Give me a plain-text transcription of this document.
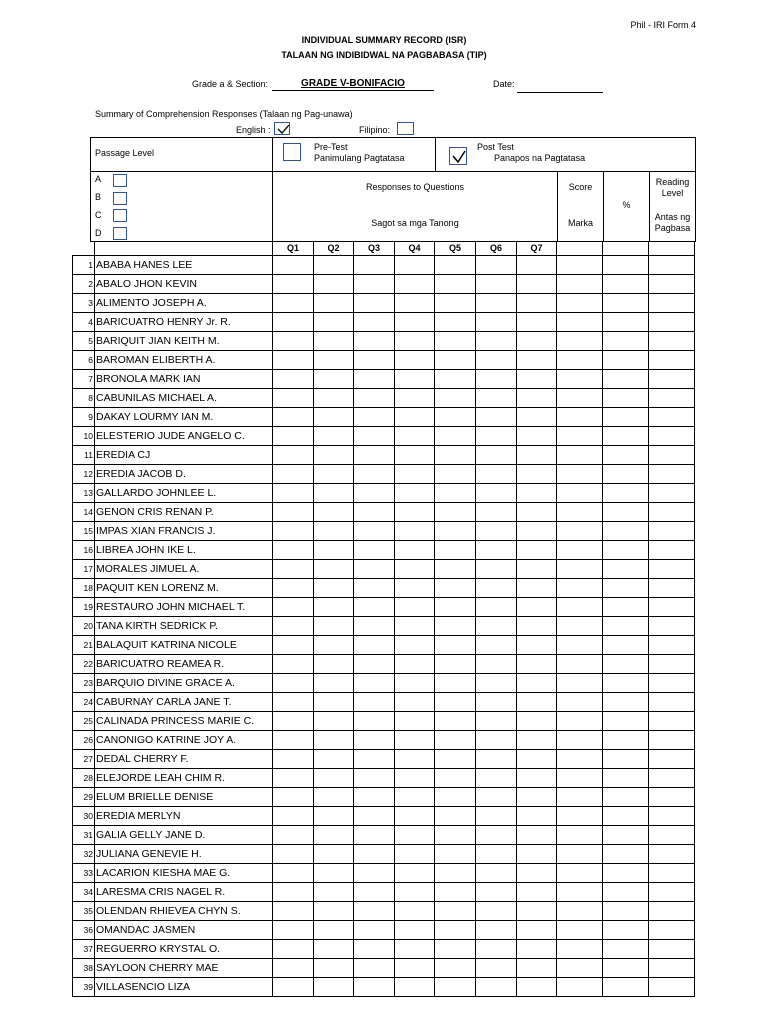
Phil - IRI Form 4
INDIVIDUAL SUMMARY RECORD (ISR)
TALAAN NG INDIBIDWAL NA PAGBABASA (TIP)
Grade a & Section:	GRADE V-BONIFACIO	Date:
Summary of Comprehension Responses (Talaan ng Pag-unawa)
English :	Filipino:
Passage Level
Pre-Test
Panimulang Pagtatasa
Post Test
Panapos na Pagtatasa
A
B
C
D
Responses to Questions
Sagot sa mga Tanong
Score
Marka
%
Reading
Level
Antas ng
Pagbasa
		Q1	Q2	Q3	Q4	Q5	Q6	Q7			
1	ABABA HANES LEE										
2	ABALO JHON KEVIN										
3	ALIMENTO JOSEPH A.										
4	BARICUATRO HENRY Jr. R.										
5	BARIQUIT JIAN KEITH M.										
6	BAROMAN ELIBERTH A.										
7	BRONOLA MARK IAN										
8	CABUNILAS MICHAEL A.										
9	DAKAY LOURMY IAN M.										
10	ELESTERIO JUDE ANGELO C.										
11	EREDIA CJ										
12	EREDIA JACOB D.										
13	GALLARDO JOHNLEE L.										
14	GENON CRIS RENAN P.										
15	IMPAS XIAN FRANCIS J.										
16	LIBREA JOHN IKE L.										
17	MORALES JIMUEL A.										
18	PAQUIT KEN LORENZ M.										
19	RESTAURO JOHN MICHAEL T.										
20	TANA KIRTH SEDRICK P.										
21	BALAQUIT KATRINA NICOLE										
22	BARICUATRO REAMEA R.										
23	BARQUIO DIVINE GRACE A.										
24	CABURNAY CARLA JANE T.										
25	CALINADA PRINCESS MARIE C.										
26	CANONIGO KATRINE JOY A.										
27	DEDAL CHERRY F.										
28	ELEJORDE LEAH CHIM R.										
29	ELUM BRIELLE DENISE										
30	EREDIA MERLYN										
31	GALIA GELLY JANE D.										
32	JULIANA GENEVIE H.										
33	LACARION KIESHA MAE G.										
34	LARESMA CRIS NAGEL R.										
35	OLENDAN RHIEVEA CHYN S.										
36	OMANDAC JASMEN										
37	REGUERRO KRYSTAL O.										
38	SAYLOON CHERRY MAE										
39	VILLASENCIO LIZA										
